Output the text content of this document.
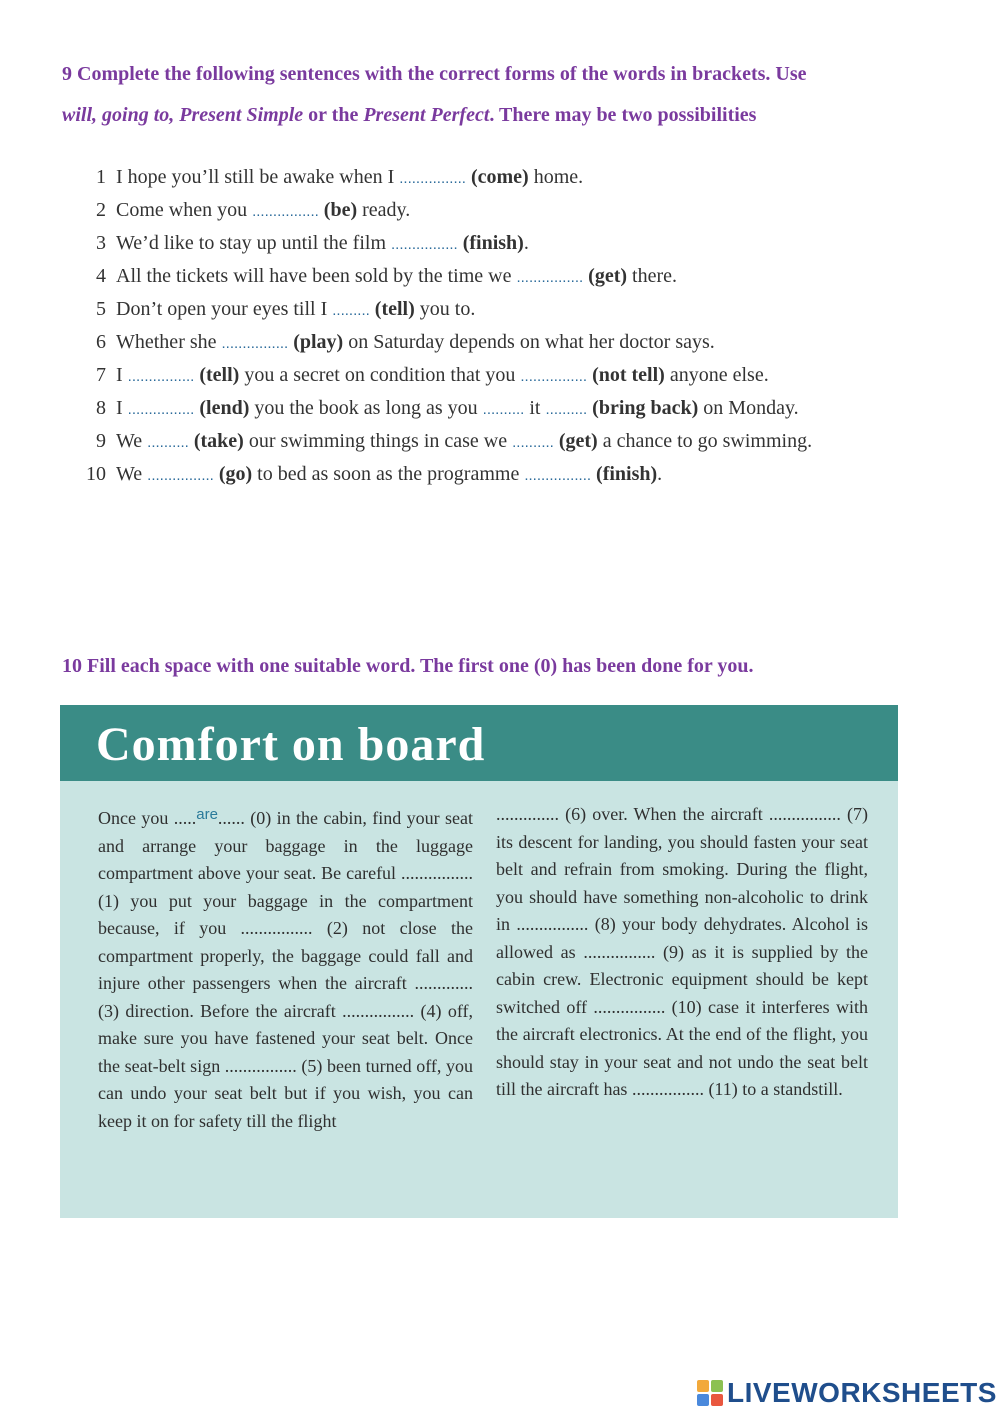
9 Complete the following sentences with the correct forms of the words in brackets. Use
will, going to, Present Simple or the Present Perfect. There may be two possibilities
1 I hope you’ll still be awake when I ................ (come) home.
2 Come when you ................ (be) ready.
3 We’d like to stay up until the film ................ (finish).
4 All the tickets will have been sold by the time we ................ (get) there.
5 Don’t open your eyes till I ......... (tell) you to.
6 Whether she ................ (play) on Saturday depends on what her doctor says.
7 I ................ (tell) you a secret on condition that you ................ (not tell) anyone else.
8 I ................ (lend) you the book as long as you .......... it .......... (bring back) on Monday.
9 We .......... (take) our swimming things in case we .......... (get) a chance to go swimming.
10 We ................ (go) to bed as soon as the programme ................ (finish).
10 Fill each space with one suitable word. The first one (0) has been done for you.
Comfort on board
Once you .....$^{are}$...... (0) in the cabin, find your seat and arrange your baggage in the luggage compartment above your seat. Be careful ................ (1) you put your baggage in the compartment because, if you ................ (2) not close the compartment properly, the baggage could fall and injure other passengers when the aircraft ............. (3) direction. Before the aircraft ................ (4) off, make sure you have fastened your seat belt. Once the seat-belt sign ................ (5) been turned off, you can undo your seat belt but if you wish, you can keep it on for safety till the flight
.............. (6) over. When the aircraft ................ (7) its descent for landing, you should fasten your seat belt and refrain from smoking. During the flight, you should have something non-alcoholic to drink in ................ (8) your body dehydrates. Alcohol is allowed as ................ (9) as it is supplied by the cabin crew. Electronic equipment should be kept switched off ................ (10) case it interferes with the aircraft electronics. At the end of the flight, you should stay in your seat and not undo the seat belt till the aircraft has ................ (11) to a standstill.
LIVEWORKSHEETS
